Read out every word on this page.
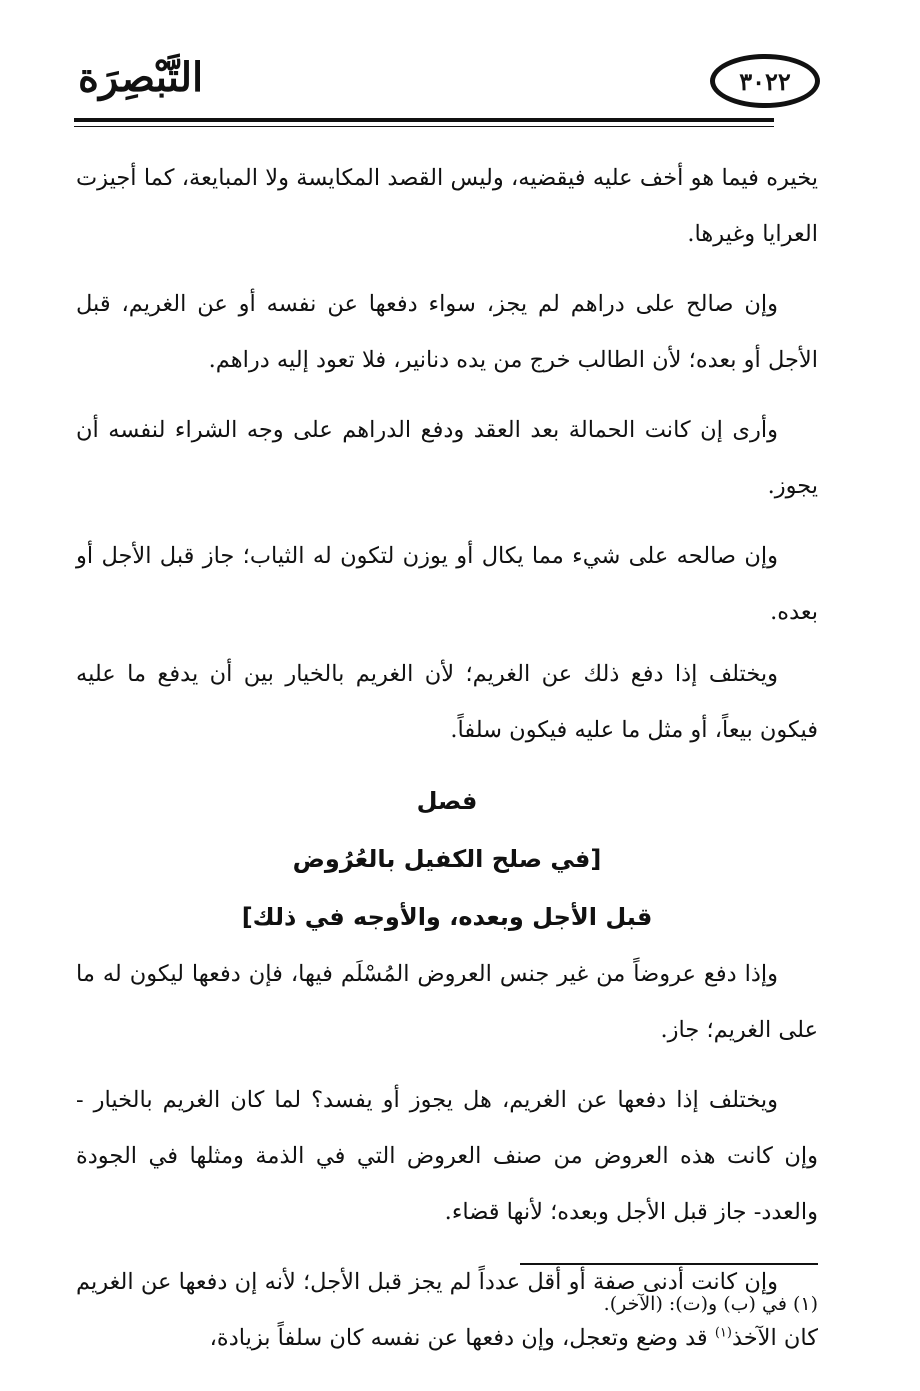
التَّبْصِرَة	٣٠٢٢

يخيره فيما هو أخف عليه فيقضيه، وليس القصد المكايسة ولا المبايعة، كما أجيزت العرايا وغيرها.

وإن صالح على دراهم لم يجز، سواء دفعها عن نفسه أو عن الغريم، قبل الأجل أو بعده؛ لأن الطالب خرج من يده دنانير، فلا تعود إليه دراهم.

وأرى إن كانت الحمالة بعد العقد ودفع الدراهم على وجه الشراء لنفسه أن يجوز.

وإن صالحه على شيء مما يكال أو يوزن لتكون له الثياب؛ جاز قبل الأجل أو بعده.

ويختلف إذا دفع ذلك عن الغريم؛ لأن الغريم بالخيار بين أن يدفع ما عليه فيكون بيعاً، أو مثل ما عليه فيكون سلفاً.

فصل

[في صلح الكفيل بالعُرُوض

قبل الأجل وبعده، والأوجه في ذلك]

وإذا دفع عروضاً من غير جنس العروض المُسْلَم فيها، فإن دفعها ليكون له ما على الغريم؛ جاز.

ويختلف إذا دفعها عن الغريم، هل يجوز أو يفسد؟ لما كان الغريم بالخيار - وإن كانت هذه العروض من صنف العروض التي في الذمة ومثلها في الجودة والعدد- جاز قبل الأجل وبعده؛ لأنها قضاء.

وإن كانت أدنى صفة أو أقل عدداً لم يجز قبل الأجل؛ لأنه إن دفعها عن الغريم كان الآخذ$^{(١)}$ قد وضع وتعجل، وإن دفعها عن نفسه كان سلفاً بزيادة،

(١) في (ب) و(ت): (الآخر).
